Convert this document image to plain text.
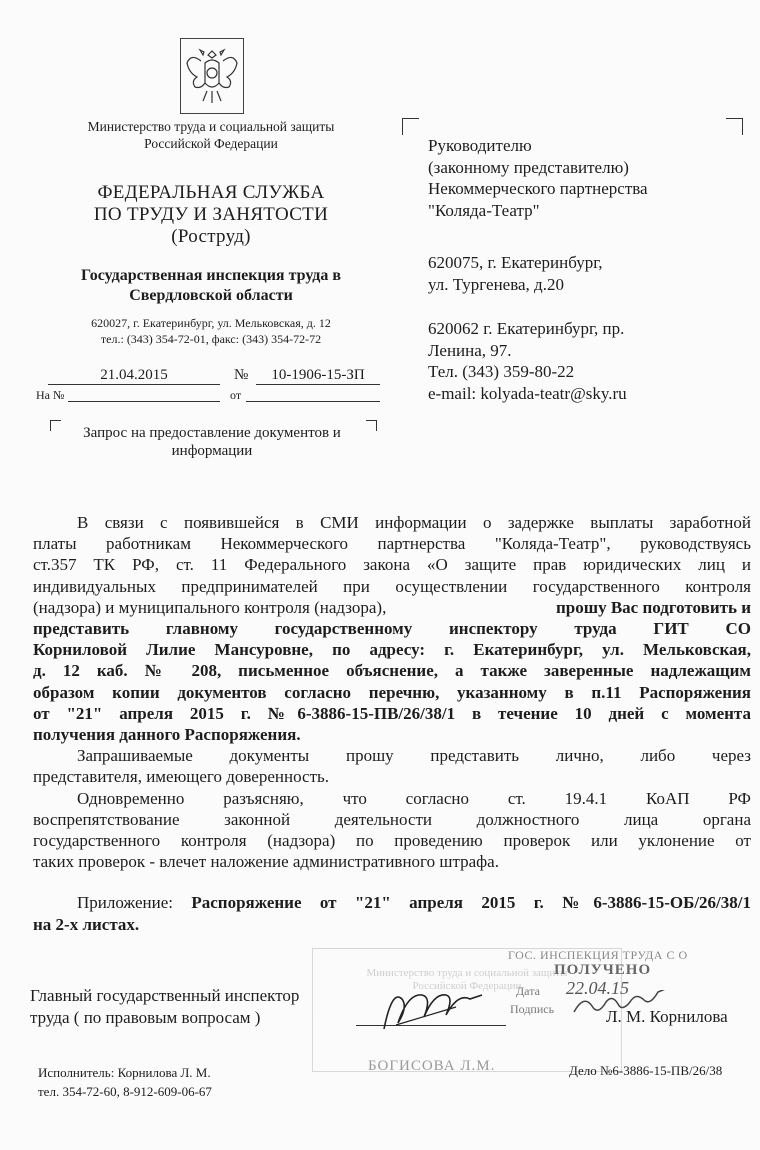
Министерство труда и социальной защиты
Российской Федерации
ФЕДЕРАЛЬНАЯ СЛУЖБА
ПО ТРУДУ И ЗАНЯТОСТИ
(Роструд)
Государственная инспекция труда в
Свердловской области
620027, г. Екатеринбург, ул. Мельковская, д. 12
тел.: (343) 354-72-01, факс: (343) 354-72-72
21.04.2015	№	10-1906-15-ЗП
На №	от
Запрос на предоставление документов и
информации
Руководителю
(законному представителю)
Некоммерческого партнерства
"Коляда-Театр"
620075, г. Екатеринбург,
ул. Тургенева, д.20
620062 г. Екатеринбург, пр.
Ленина, 97.
Тел. (343) 359-80-22
e-mail: kolyada-teatr@sky.ru
В связи с появившейся в СМИ информации о задержке выплаты заработной
платы работникам Некоммерческого партнерства "Коляда-Театр", руководствуясь
ст.357 ТК РФ, ст. 11 Федерального закона «О защите прав юридических лиц и
индивидуальных предпринимателей при осуществлении государственного контроля
(надзора) и муниципального контроля (надзора),	прошу Вас подготовить и
представить главному государственному инспектору труда ГИТ СО
Корниловой Лилие Мансуровне, по адресу: г. Екатеринбург, ул. Мельковская,
д. 12 каб. № 208, письменное объяснение, а также заверенные надлежащим
образом копии документов согласно перечню, указанному в п.11 Распоряжения
от "21" апреля 2015 г. №6-3886-15-ПВ/26/38/1 в течение 10 дней с момента
получения данного Распоряжения.
Запрашиваемые документы прошу представить лично, либо через
представителя, имеющего доверенность.
Одновременно разъясняю, что согласно ст. 19.4.1 КоАП РФ
воспрепятствование законной деятельности должностного лица органа
государственного контроля (надзора) по проведению проверок или уклонение от
таких проверок - влечет наложение административного штрафа.
Приложение: Распоряжение от "21" апреля 2015 г. №6-3886-15-ОБ/26/38/1
на 2-х листах.
Министерство труда и социальной защиты
Российской Федерации
ГОС. ИНСПЕКЦИЯ ТРУДА С О
ПОЛУЧЕНО
Дата 22.04.15
Подпись
БОГИСОВА Л.М.
Главный государственный инспектор
труда ( по правовым вопросам )	Л. М. Корнилова
Исполнитель: Корнилова Л. М.
тел. 354-72-60, 8-912-609-06-67
Дело №6-3886-15-ПВ/26/38
